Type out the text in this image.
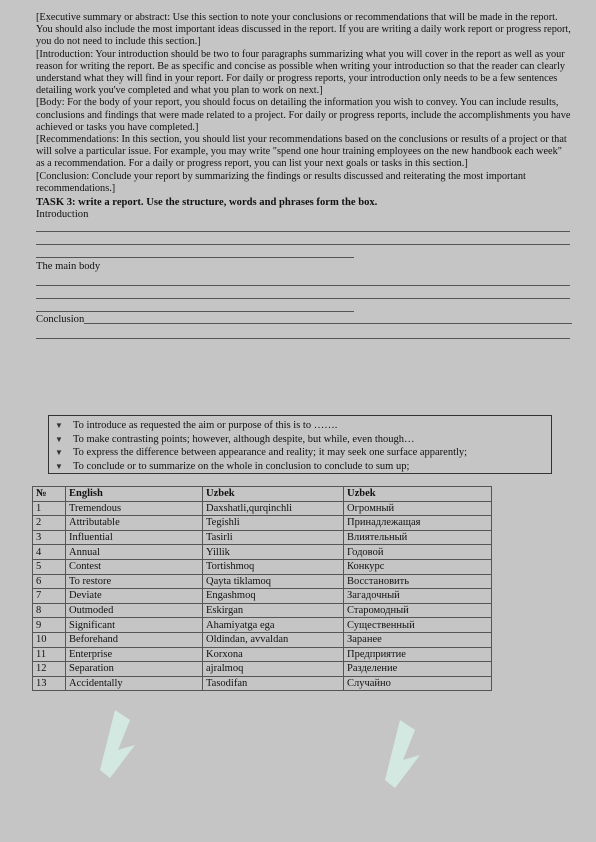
[Executive summary or abstract: Use this section to note your conclusions or recommendations that will be made in the report. You should also include the most important ideas discussed in the report. If you are writing a daily work report or progress report, you do not need to include this section.]

[Introduction: Your introduction should be two to four paragraphs summarizing what you will cover in the report as well as your reason for writing the report. Be as specific and concise as possible when writing your introduction so that the reader can clearly understand what they will find in your report. For daily or progress reports, your introduction only needs to be a few sentences detailing work you've completed and what you plan to work on next.]

[Body: For the body of your report, you should focus on detailing the information you wish to convey. You can include results, conclusions and findings that were made related to a project. For daily or progress reports, include the accomplishments you have achieved or tasks you have completed.]

[Recommendations: In this section, you should list your recommendations based on the conclusions or results of a project or that will solve a particular issue. For example, you may write "spend one hour training employees on the new handbook each week" as a recommendation. For a daily or progress report, you can list your next goals or tasks in this section.]

[Conclusion: Conclude your report by summarizing the findings or results discussed and reiterating the most important recommendations.]

TASK 3: write a report. Use the structure, words and phrases form the box.

Introduction

The main body

Conclusion
▼ To introduce as requested the aim or purpose of this is to …….
▼ To make contrasting points; however, although despite, but while, even though…
▼ To express the difference between appearance and reality; it may seek one surface apparently;
▼ To conclude or to summarize on the whole in conclusion to conclude to sum up;
№	English	Uzbek	Uzbek
1	Tremendous	Daxshatli,qurqinchli	Огромный
2	Attributable	Tegishli	Принадлежащая
3	Influential	Tasirli	Влиятельный
4	Annual	Yillik	Годовой
5	Contest	Tortishmoq	Конкурс
6	To restore	Qayta tiklamoq	Восстановить
7	Deviate	Engashmoq	Загадочный
8	Outmoded	Eskirgan	Старомодный
9	Significant	Ahamiyatga ega	Существенный
10	Beforehand	Oldindan, avvaldan	Заранее
11	Enterprise	Korxona	Предприятие
12	Separation	ajralmoq	Разделение
13	Accidentally	Tasodifan	Случайно
